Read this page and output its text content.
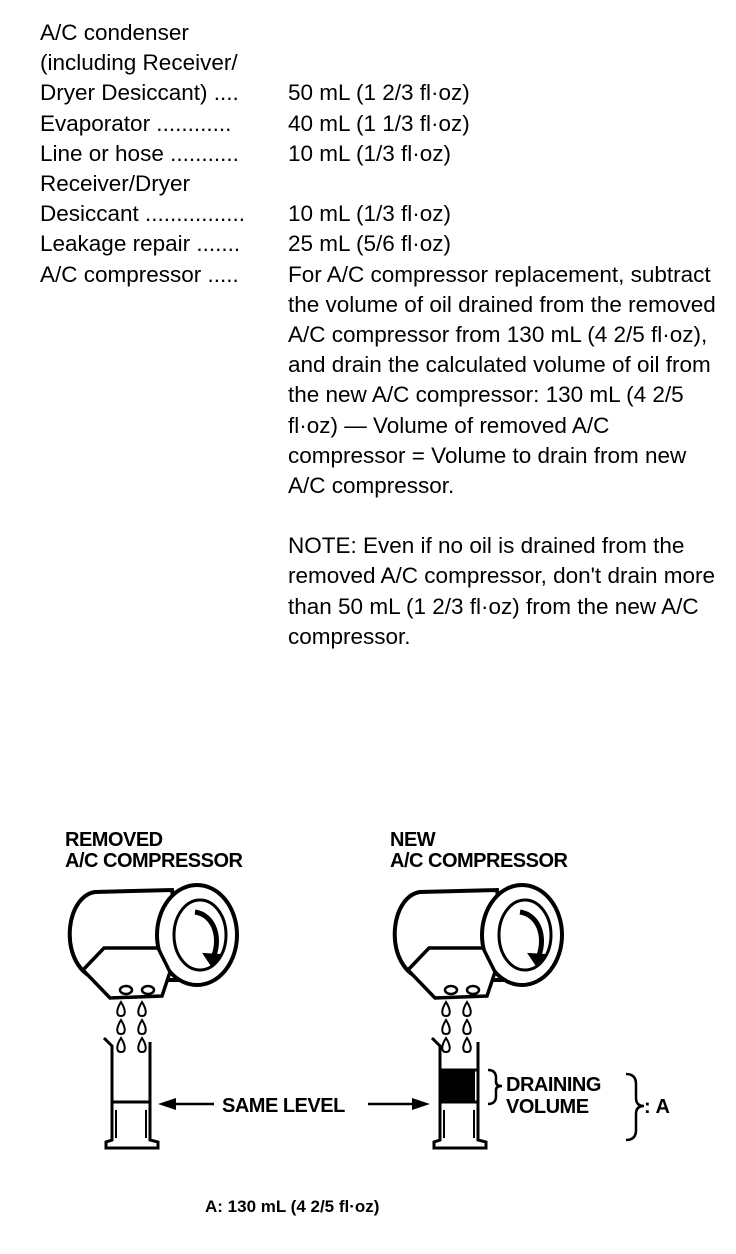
A/C condenser
(including Receiver/
Dryer Desiccant) ....	50 mL (1 2/3 fl·oz)
Evaporator ............	40 mL (1 1/3 fl·oz)
Line or hose ...........	10 mL (1/3 fl·oz)
Receiver/Dryer
Desiccant ................	10 mL (1/3 fl·oz)
Leakage repair .......	25 mL (5/6 fl·oz)
A/C compressor .....	For A/C compressor replacement, subtract the volume of oil drained from the removed A/C compressor from 130 mL (4 2/5 fl·oz), and drain the calculated volume of oil from the new A/C compressor: 130 mL (4 2/5 fl·oz) — Volume of removed A/C compressor = Volume to drain from new A/C compressor.
NOTE: Even if no oil is drained from the removed A/C compressor, don't drain more than 50 mL (1 2/3 fl·oz) from the new A/C compressor.
REMOVED
A/C COMPRESSOR
NEW
A/C COMPRESSOR
SAME LEVEL
DRAINING
VOLUME	: A
A: 130 mL (4 2/5 fl·oz)
